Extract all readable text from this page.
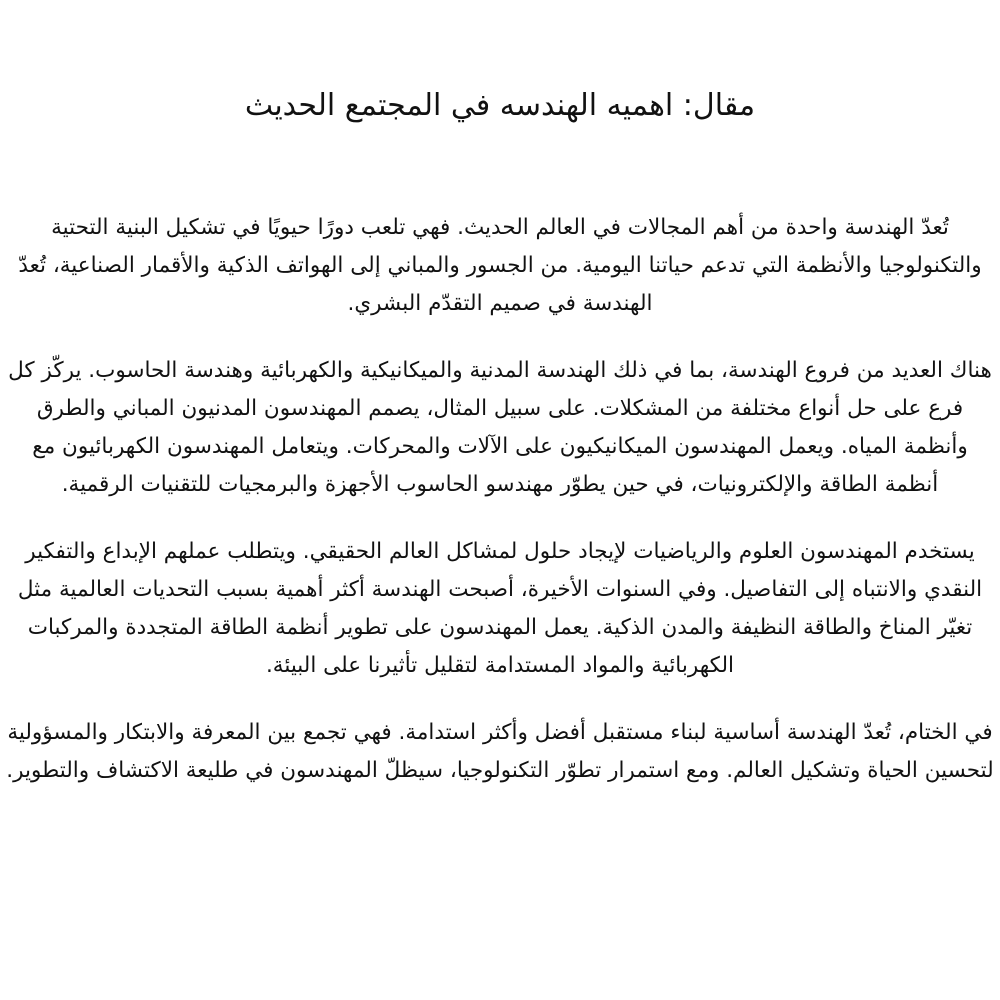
مقال: اهميه الهندسه في المجتمع الحديث

تُعدّ الهندسة واحدة من أهم المجالات في العالم الحديث. فهي تلعب دورًا حيويًا في تشكيل البنية التحتية والتكنولوجيا والأنظمة التي تدعم حياتنا اليومية. من الجسور والمباني إلى الهواتف الذكية والأقمار الصناعية، تُعدّ الهندسة في صميم التقدّم البشري.

هناك العديد من فروع الهندسة، بما في ذلك الهندسة المدنية والميكانيكية والكهربائية وهندسة الحاسوب. يركّز كل فرع على حل أنواع مختلفة من المشكلات. على سبيل المثال، يصمم المهندسون المدنيون المباني والطرق وأنظمة المياه. ويعمل المهندسون الميكانيكيون على الآلات والمحركات. ويتعامل المهندسون الكهربائيون مع أنظمة الطاقة والإلكترونيات، في حين يطوّر مهندسو الحاسوب الأجهزة والبرمجيات للتقنيات الرقمية.

يستخدم المهندسون العلوم والرياضيات لإيجاد حلول لمشاكل العالم الحقيقي. ويتطلب عملهم الإبداع والتفكير النقدي والانتباه إلى التفاصيل. وفي السنوات الأخيرة، أصبحت الهندسة أكثر أهمية بسبب التحديات العالمية مثل تغيّر المناخ والطاقة النظيفة والمدن الذكية. يعمل المهندسون على تطوير أنظمة الطاقة المتجددة والمركبات الكهربائية والمواد المستدامة لتقليل تأثيرنا على البيئة.

في الختام، تُعدّ الهندسة أساسية لبناء مستقبل أفضل وأكثر استدامة. فهي تجمع بين المعرفة والابتكار والمسؤولية لتحسين الحياة وتشكيل العالم. ومع استمرار تطوّر التكنولوجيا، سيظلّ المهندسون في طليعة الاكتشاف والتطوير.
